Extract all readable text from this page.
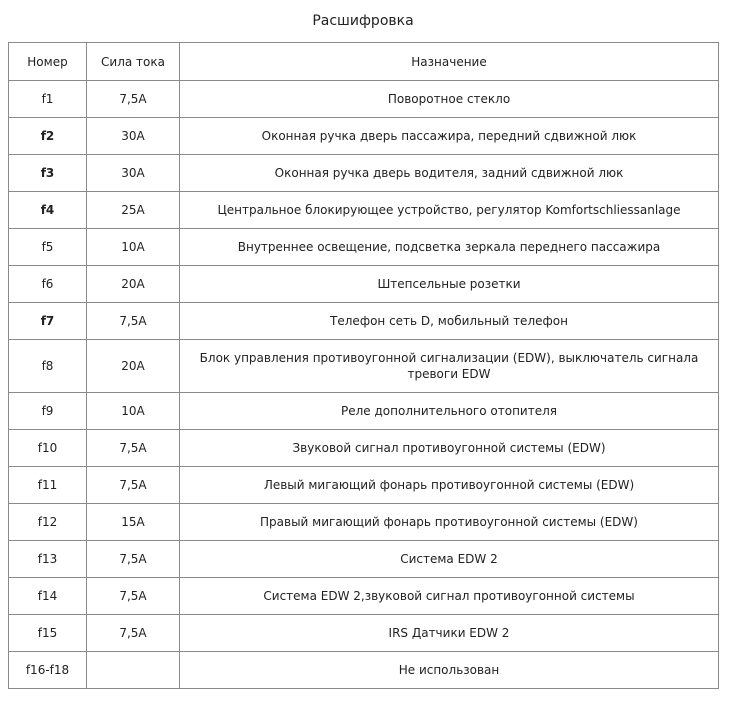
Расшифровка
Номер	Сила тока	Назначение
f1	7,5A	Поворотное стекло
f2	30A	Оконная ручка дверь пассажира, передний сдвижной люк
f3	30A	Оконная ручка дверь водителя, задний сдвижной люк
f4	25A	Центральное блокирующее устройство, регулятор Komfortschliessanlage
f5	10A	Внутреннее освещение, подсветка зеркала переднего пассажира
f6	20A	Штепсельные розетки
f7	7,5A	Телефон сеть D, мобильный телефон
f8	20A	Блок управления противоугонной сигнализации (EDW), выключатель сигнала тревоги EDW
f9	10A	Реле дополнительного отопителя
f10	7,5A	Звуковой сигнал противоугонной системы (EDW)
f11	7,5A	Левый мигающий фонарь противоугонной системы (EDW)
f12	15A	Правый мигающий фонарь противоугонной системы (EDW)
f13	7,5A	Система EDW 2
f14	7,5A	Система EDW 2,звуковой сигнал противоугонной системы
f15	7,5A	IRS Датчики EDW 2
f16-f18		Не использован
